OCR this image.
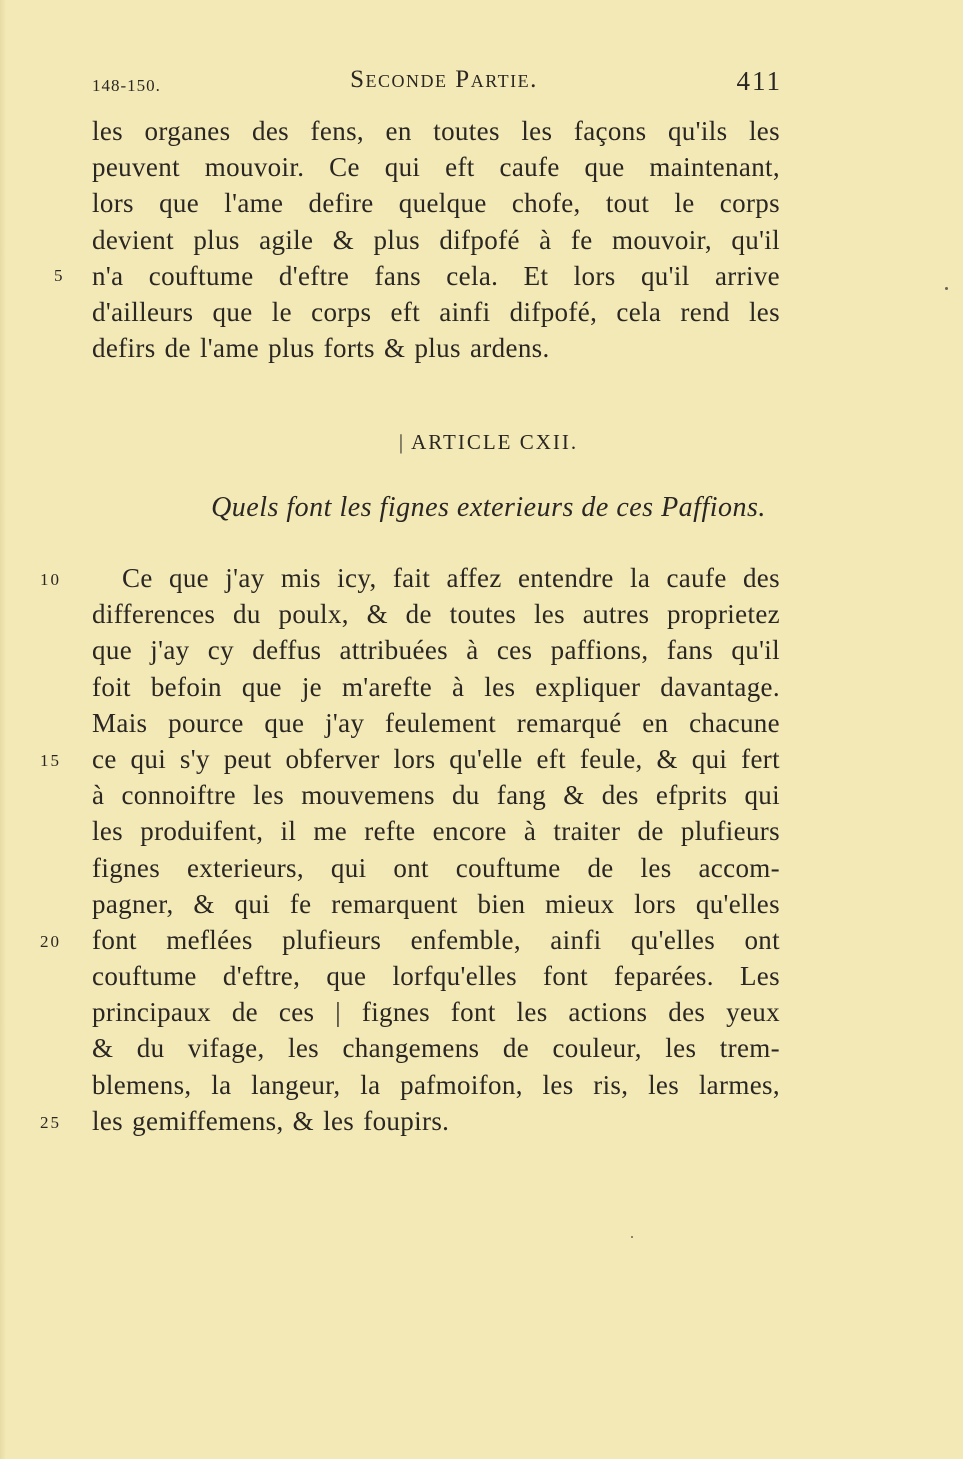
148-150.	Seconde Partie.	411
les organes des fens, en toutes les façons qu'ils les
peuvent mouvoir. Ce qui eft caufe que maintenant,
lors que l'ame defire quelque chofe, tout le corps
devient plus agile & plus difpofé à fe mouvoir, qu'il
n'a couftume d'eftre fans cela. Et lors qu'il arrive
d'ailleurs que le corps eft ainfi difpofé, cela rend les
defirs de l'ame plus forts & plus ardens.
| ARTICLE CXII.
Quels font les fignes exterieurs de ces Paffions.
Ce que j'ay mis icy, fait affez entendre la caufe des
differences du poulx, & de toutes les autres proprietez
que j'ay cy deffus attribuées à ces paffions, fans qu'il
foit befoin que je m'arefte à les expliquer davantage.
Mais pource que j'ay feulement remarqué en chacune
ce qui s'y peut obferver lors qu'elle eft feule, & qui fert
à connoiftre les mouvemens du fang & des efprits qui
les produifent, il me refte encore à traiter de plufieurs
fignes exterieurs, qui ont couftume de les accom-
pagner, & qui fe remarquent bien mieux lors qu'elles
font meflées plufieurs enfemble, ainfi qu'elles ont
couftume d'eftre, que lorfqu'elles font feparées. Les
principaux de ces | fignes font les actions des yeux
& du vifage, les changemens de couleur, les trem-
blemens, la langeur, la pafmoifon, les ris, les larmes,
les gemiffemens, & les foupirs.
5
10
15
20
25
